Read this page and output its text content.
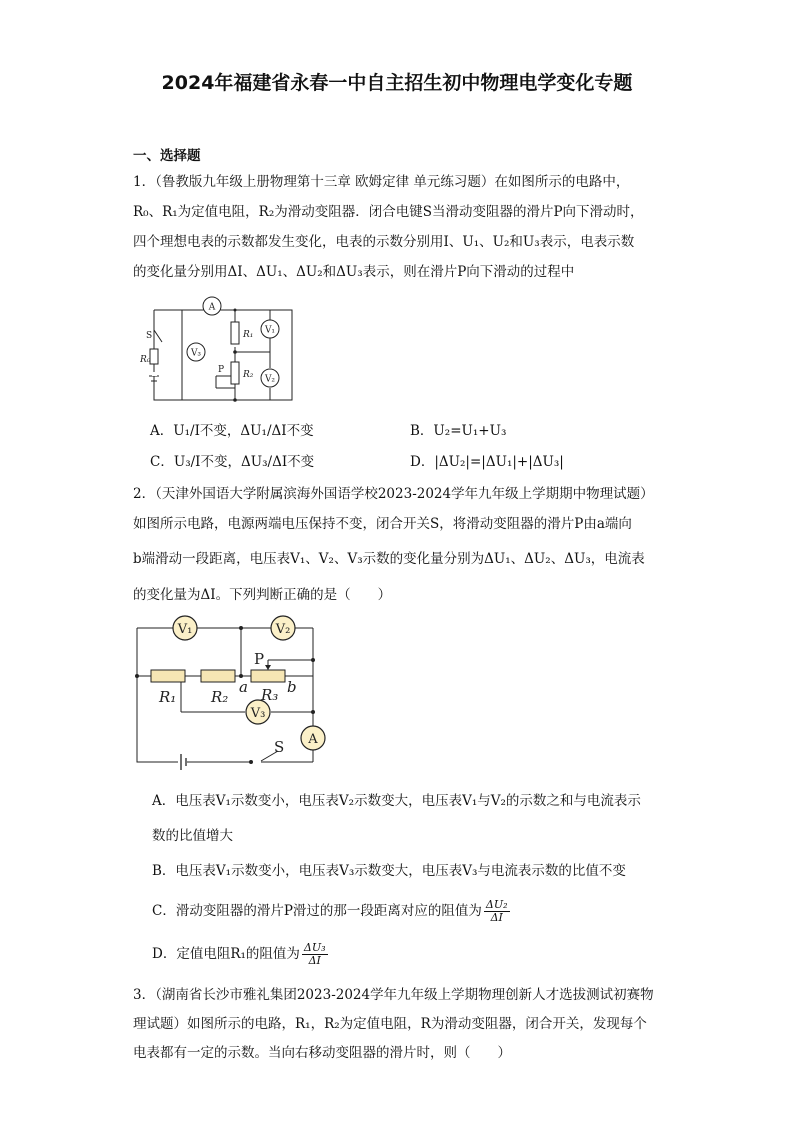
2024年福建省永春一中自主招生初中物理电学变化专题
一、选择题
1．（鲁教版九年级上册物理第十三章 欧姆定律 单元练习题）在如图所示的电路中，
R₀、R₁为定值电阻，R₂为滑动变阻器．闭合电键S当滑动变阻器的滑片P向下滑动时，
四个理想电表的示数都发生变化，电表的示数分别用I、U₁、U₂和U₃表示，电表示数
的变化量分别用ΔI、ΔU₁、ΔU₂和ΔU₃表示，则在滑片P向下滑动的过程中
A
V₁
V₂
V₃
R₁
R₂
S
R₀
P
A．U₁/I不变，ΔU₁/ΔI不变	B．U₂=U₁+U₃
C．U₃/I不变，ΔU₃/ΔI不变	D．|ΔU₂|=|ΔU₁|+|ΔU₃|
2．（天津外国语大学附属滨海外国语学校2023-2024学年九年级上学期期中物理试题）
如图所示电路，电源两端电压保持不变，闭合开关S，将滑动变阻器的滑片P由a端向
b端滑动一段距离，电压表V₁、V₂、V₃示数的变化量分别为ΔU₁、ΔU₂、ΔU₃，电流表
的变化量为ΔI。下列判断正确的是（　　）
V₁	V₂
V₃
A
P
R₁ R₂ R₃
a	b
S
A．电压表V₁示数变小，电压表V₂示数变大，电压表V₁与V₂的示数之和与电流表示
数的比值增大
B．电压表V₁示数变小，电压表V₃示数变大，电压表V₃与电流表示数的比值不变
C．滑动变阻器的滑片P滑过的那一段距离对应的阻值为 $\frac{\text{ΔU₂}}{\Delta I}$
D．定值电阻R₁的阻值为 $\frac{\text{ΔU₃}}{\Delta I}$
3．（湖南省长沙市雅礼集团2023-2024学年九年级上学期物理创新人才选拔测试初赛物
理试题）如图所示的电路，R₁，R₂为定值电阻，R为滑动变阻器，闭合开关，发现每个
电表都有一定的示数。当向右移动变阻器的滑片时，则（　　）
